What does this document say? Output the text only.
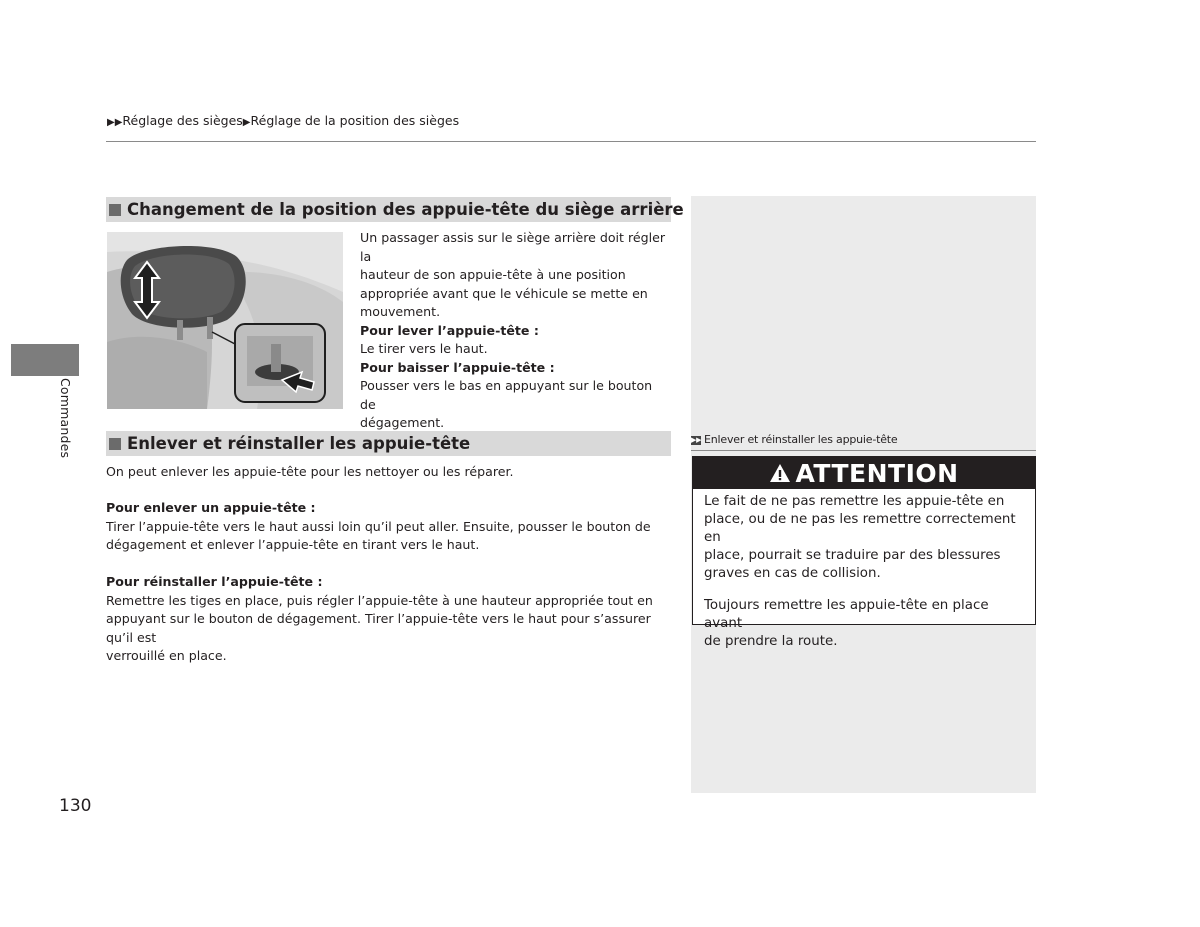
▶▶Réglage des sièges▶Réglage de la position des sièges
Commandes
Changement de la position des appuie-tête du siège arrière
Un passager assis sur le siège arrière doit régler la
hauteur de son appuie-tête à une position
appropriée avant que le véhicule se mette en
mouvement.
Pour lever l’appuie-tête :
Le tirer vers le haut.
Pour baisser l’appuie-tête :
Pousser vers le bas en appuyant sur le bouton de
dégagement.
Enlever et réinstaller les appuie-tête
On peut enlever les appuie-tête pour les nettoyer ou les réparer.
Pour enlever un appuie-tête :
Tirer l’appuie-tête vers le haut aussi loin qu’il peut aller. Ensuite, pousser le bouton de
dégagement et enlever l’appuie-tête en tirant vers le haut.
Pour réinstaller l’appuie-tête :
Remettre les tiges en place, puis régler l’appuie-tête à une hauteur appropriée tout en
appuyant sur le bouton de dégagement. Tirer l’appuie-tête vers le haut pour s’assurer qu’il est
verrouillé en place.
▶▶ Enlever et réinstaller les appuie-tête
ATTENTION

Le fait de ne pas remettre les appuie-tête en
place, ou de ne pas les remettre correctement en
place, pourrait se traduire par des blessures
graves en cas de collision.

Toujours remettre les appuie-tête en place avant
de prendre la route.

130
